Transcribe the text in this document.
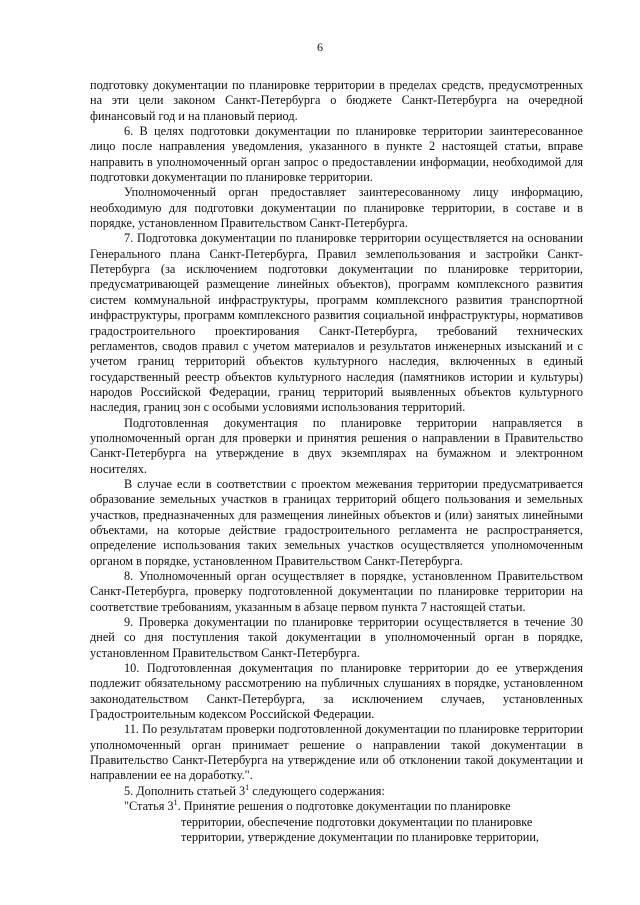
6

подготовку документации по планировке территории в пределах средств, предусмотренных на эти цели законом Санкт-Петербурга о бюджете Санкт-Петербурга на очередной финансовый год и на плановый период.

6. В целях подготовки документации по планировке территории заинтересованное лицо после направления уведомления, указанного в пункте 2 настоящей статьи, вправе направить в уполномоченный орган запрос о предоставлении информации, необходимой для подготовки документации по планировке территории.

Уполномоченный орган предоставляет заинтересованному лицу информацию, необходимую для подготовки документации по планировке территории, в составе и в порядке, установленном Правительством Санкт-Петербурга.

7. Подготовка документации по планировке территории осуществляется на основании Генерального плана Санкт-Петербурга, Правил землепользования и застройки Санкт-Петербурга (за исключением подготовки документации по планировке территории, предусматривающей размещение линейных объектов), программ комплексного развития систем коммунальной инфраструктуры, программ комплексного развития транспортной инфраструктуры, программ комплексного развития социальной инфраструктуры, нормативов градостроительного проектирования Санкт-Петербурга, требований технических регламентов, сводов правил с учетом материалов и результатов инженерных изысканий и с учетом границ территорий объектов культурного наследия, включенных в единый государственный реестр объектов культурного наследия (памятников истории и культуры) народов Российской Федерации, границ территорий выявленных объектов культурного наследия, границ зон с особыми условиями использования территорий.

Подготовленная документация по планировке территории направляется в уполномоченный орган для проверки и принятия решения о направлении в Правительство Санкт-Петербурга на утверждение в двух экземплярах на бумажном и электронном носителях.

В случае если в соответствии с проектом межевания территории предусматривается образование земельных участков в границах территорий общего пользования и земельных участков, предназначенных для размещения линейных объектов и (или) занятых линейными объектами, на которые действие градостроительного регламента не распространяется, определение использования таких земельных участков осуществляется уполномоченным органом в порядке, установленном Правительством Санкт-Петербурга.

8. Уполномоченный орган осуществляет в порядке, установленном Правительством Санкт-Петербурга, проверку подготовленной документации по планировке территории на соответствие требованиям, указанным в абзаце первом пункта 7 настоящей статьи.

9. Проверка документации по планировке территории осуществляется в течение 30 дней со дня поступления такой документации в уполномоченный орган в порядке, установленном Правительством Санкт-Петербурга.

10. Подготовленная документация по планировке территории до ее утверждения подлежит обязательному рассмотрению на публичных слушаниях в порядке, установленном законодательством Санкт-Петербурга, за исключением случаев, установленных Градостроительным кодексом Российской Федерации.

11. По результатам проверки подготовленной документации по планировке территории уполномоченный орган принимает решение о направлении такой документации в Правительство Санкт-Петербурга на утверждение или об отклонении такой документации и направлении ее на доработку.".

5. Дополнить статьей $3^1$ следующего содержания:

"Статья $3^1$. Принятие решения о подготовке документации по планировке

территории, обеспечение подготовки документации по планировке

территории, утверждение документации по планировке территории,
